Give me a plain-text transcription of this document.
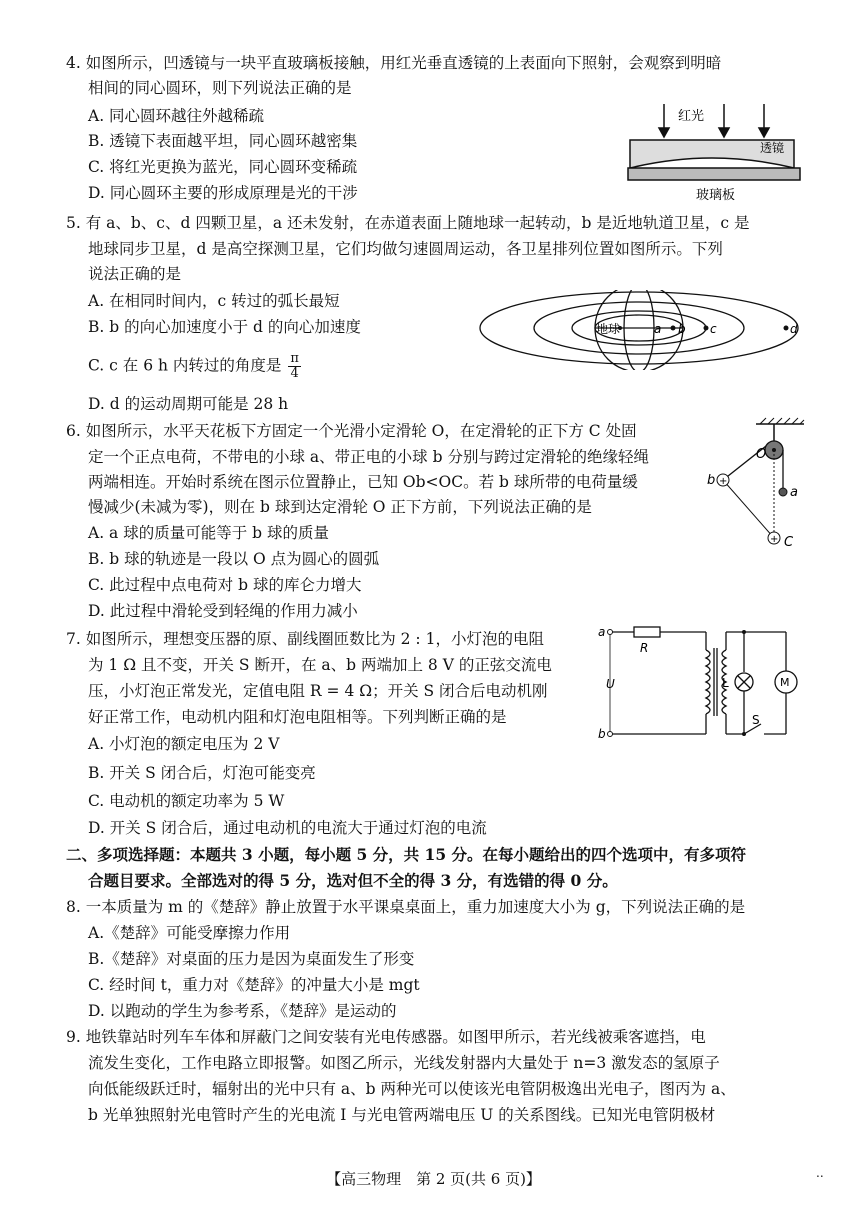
4. 如图所示，凹透镜与一块平直玻璃板接触，用红光垂直透镜的上表面向下照射，会观察到明暗
相间的同心圆环，则下列说法正确的是
A. 同心圆环越往外越稀疏
B. 透镜下表面越平坦，同心圆环越密集
C. 将红光更换为蓝光，同心圆环变稀疏
D. 同心圆环主要的形成原理是光的干涉
红光
透镜
玻璃板
5. 有 a、b、c、d 四颗卫星，a 还未发射，在赤道表面上随地球一起转动，b 是近地轨道卫星，c 是
地球同步卫星，d 是高空探测卫星，它们均做匀速圆周运动，各卫星排列位置如图所示。下列
说法正确的是
A. 在相同时间内，c 转过的弧长最短
B. b 的向心加速度小于 d 的向心加速度
C. c 在 6 h 内转过的角度是 $\frac{\pi}{4}$
D. d 的运动周期可能是 28 h
地球	a b c	d
6. 如图所示，水平天花板下方固定一个光滑小定滑轮 O，在定滑轮的正下方 C 处固
定一个正点电荷，不带电的小球 a、带正电的小球 b 分别与跨过定滑轮的绝缘轻绳
两端相连。开始时系统在图示位置静止，已知 Ob<OC。若 b 球所带的电荷量缓
慢减少(未减为零)，则在 b 球到达定滑轮 O 正下方前，下列说法正确的是
A. a 球的质量可能等于 b 球的质量
B. b 球的轨迹是一段以 O 点为圆心的圆弧
C. 此过程中点电荷对 b 球的库仑力增大
D. 此过程中滑轮受到轻绳的作用力减小
+
+
O
a
b
C
7. 如图所示，理想变压器的原、副线圈匝数比为 2 : 1，小灯泡的电阻
为 1 Ω 且不变，开关 S 断开，在 a、b 两端加上 8 V 的正弦交流电
压，小灯泡正常发光，定值电阻 R = 4 Ω；开关 S 闭合后电动机刚
好正常工作，电动机内阻和灯泡电阻相等。下列判断正确的是
A. 小灯泡的额定电压为 2 V
B. 开关 S 闭合后，灯泡可能变亮
C. 电动机的额定功率为 5 W
D. 开关 S 闭合后，通过电动机的电流大于通过灯泡的电流
a
b
R
U	L	M
S
二、多项选择题：本题共 3 小题，每小题 5 分，共 15 分。在每小题给出的四个选项中，有多项符
合题目要求。全部选对的得 5 分，选对但不全的得 3 分，有选错的得 0 分。
8. 一本质量为 m 的《楚辞》静止放置于水平课桌桌面上，重力加速度大小为 g，下列说法正确的是
A.《楚辞》可能受摩擦力作用
B.《楚辞》对桌面的压力是因为桌面发生了形变
C. 经时间 t，重力对《楚辞》的冲量大小是 mgt
D. 以跑动的学生为参考系，《楚辞》是运动的
9. 地铁靠站时列车车体和屏蔽门之间安装有光电传感器。如图甲所示，若光线被乘客遮挡，电
流发生变化，工作电路立即报警。如图乙所示，光线发射器内大量处于 n=3 激发态的氢原子
向低能级跃迁时，辐射出的光中只有 a、b 两种光可以使该光电管阴极逸出光电子，图丙为 a、
b 光单独照射光电管时产生的光电流 I 与光电管两端电压 U 的关系图线。已知光电管阴极材
【高三物理　第 2 页(共 6 页)】	..
